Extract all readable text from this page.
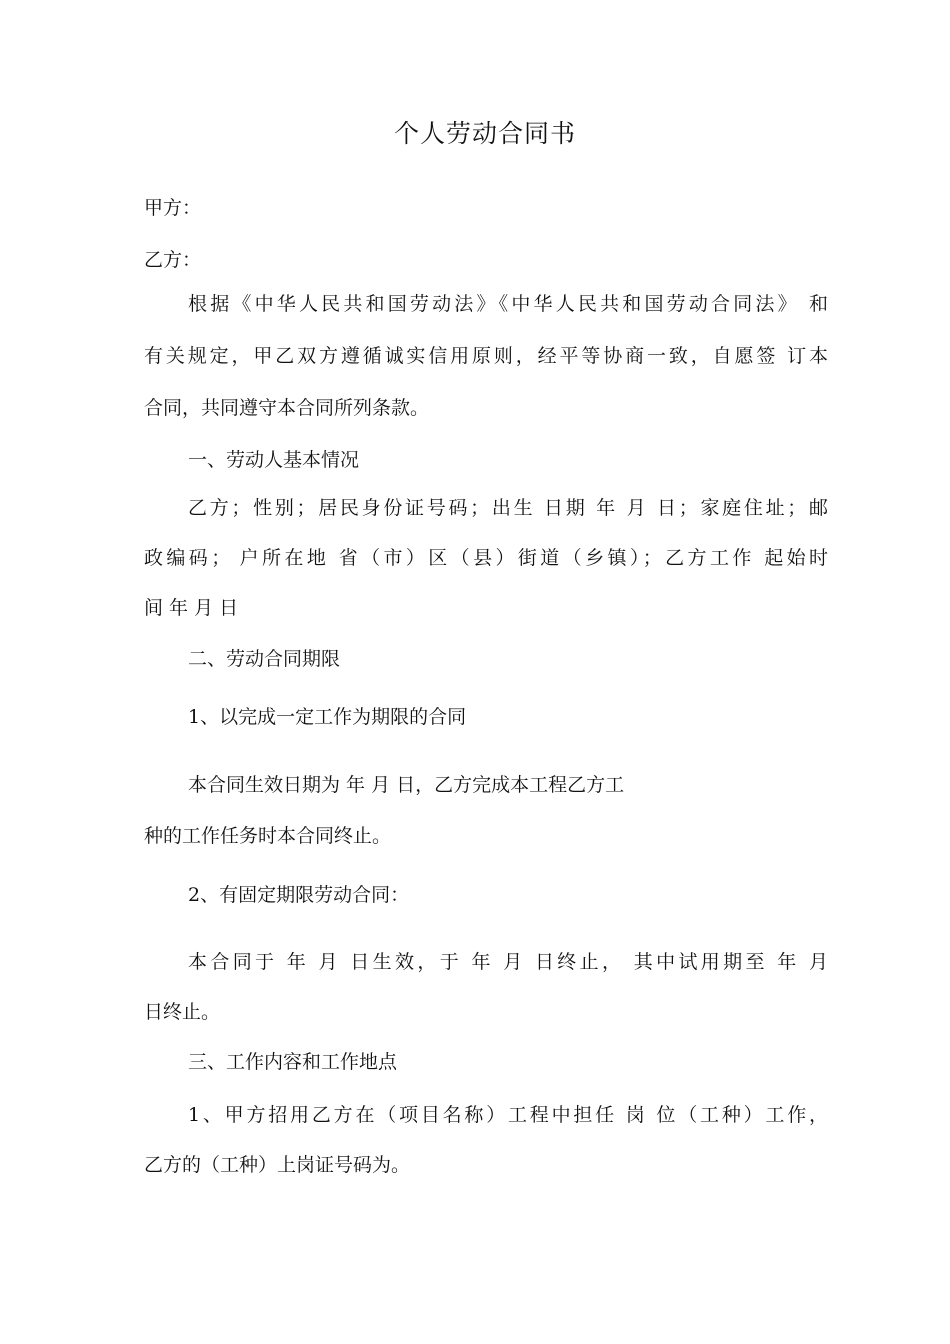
个人劳动合同书
甲方：
乙方：
根据《中华人民共和国劳动法》《中华人民共和国劳动合同法》 和
有关规定，甲乙双方遵循诚实信用原则，经平等协商一致，自愿签 订本
合同，共同遵守本合同所列条款。
一、劳动人基本情况
乙方；性别；居民身份证号码；出生 日期 年 月 日；家庭住址；邮
政编码； 户所在地 省（市）区（县）街道（乡镇）；乙方工作 起始时
间 年 月 日
二、劳动合同期限
1、以完成一定工作为期限的合同
本合同生效日期为 年 月 日，乙方完成本工程乙方工
种的工作任务时本合同终止。
2、有固定期限劳动合同：
本合同于 年 月 日生效，于 年 月 日终止， 其中试用期至 年 月
日终止。
三、工作内容和工作地点
1、甲方招用乙方在（项目名称）工程中担任 岗 位（工种）工作，
乙方的（工种）上岗证号码为。
